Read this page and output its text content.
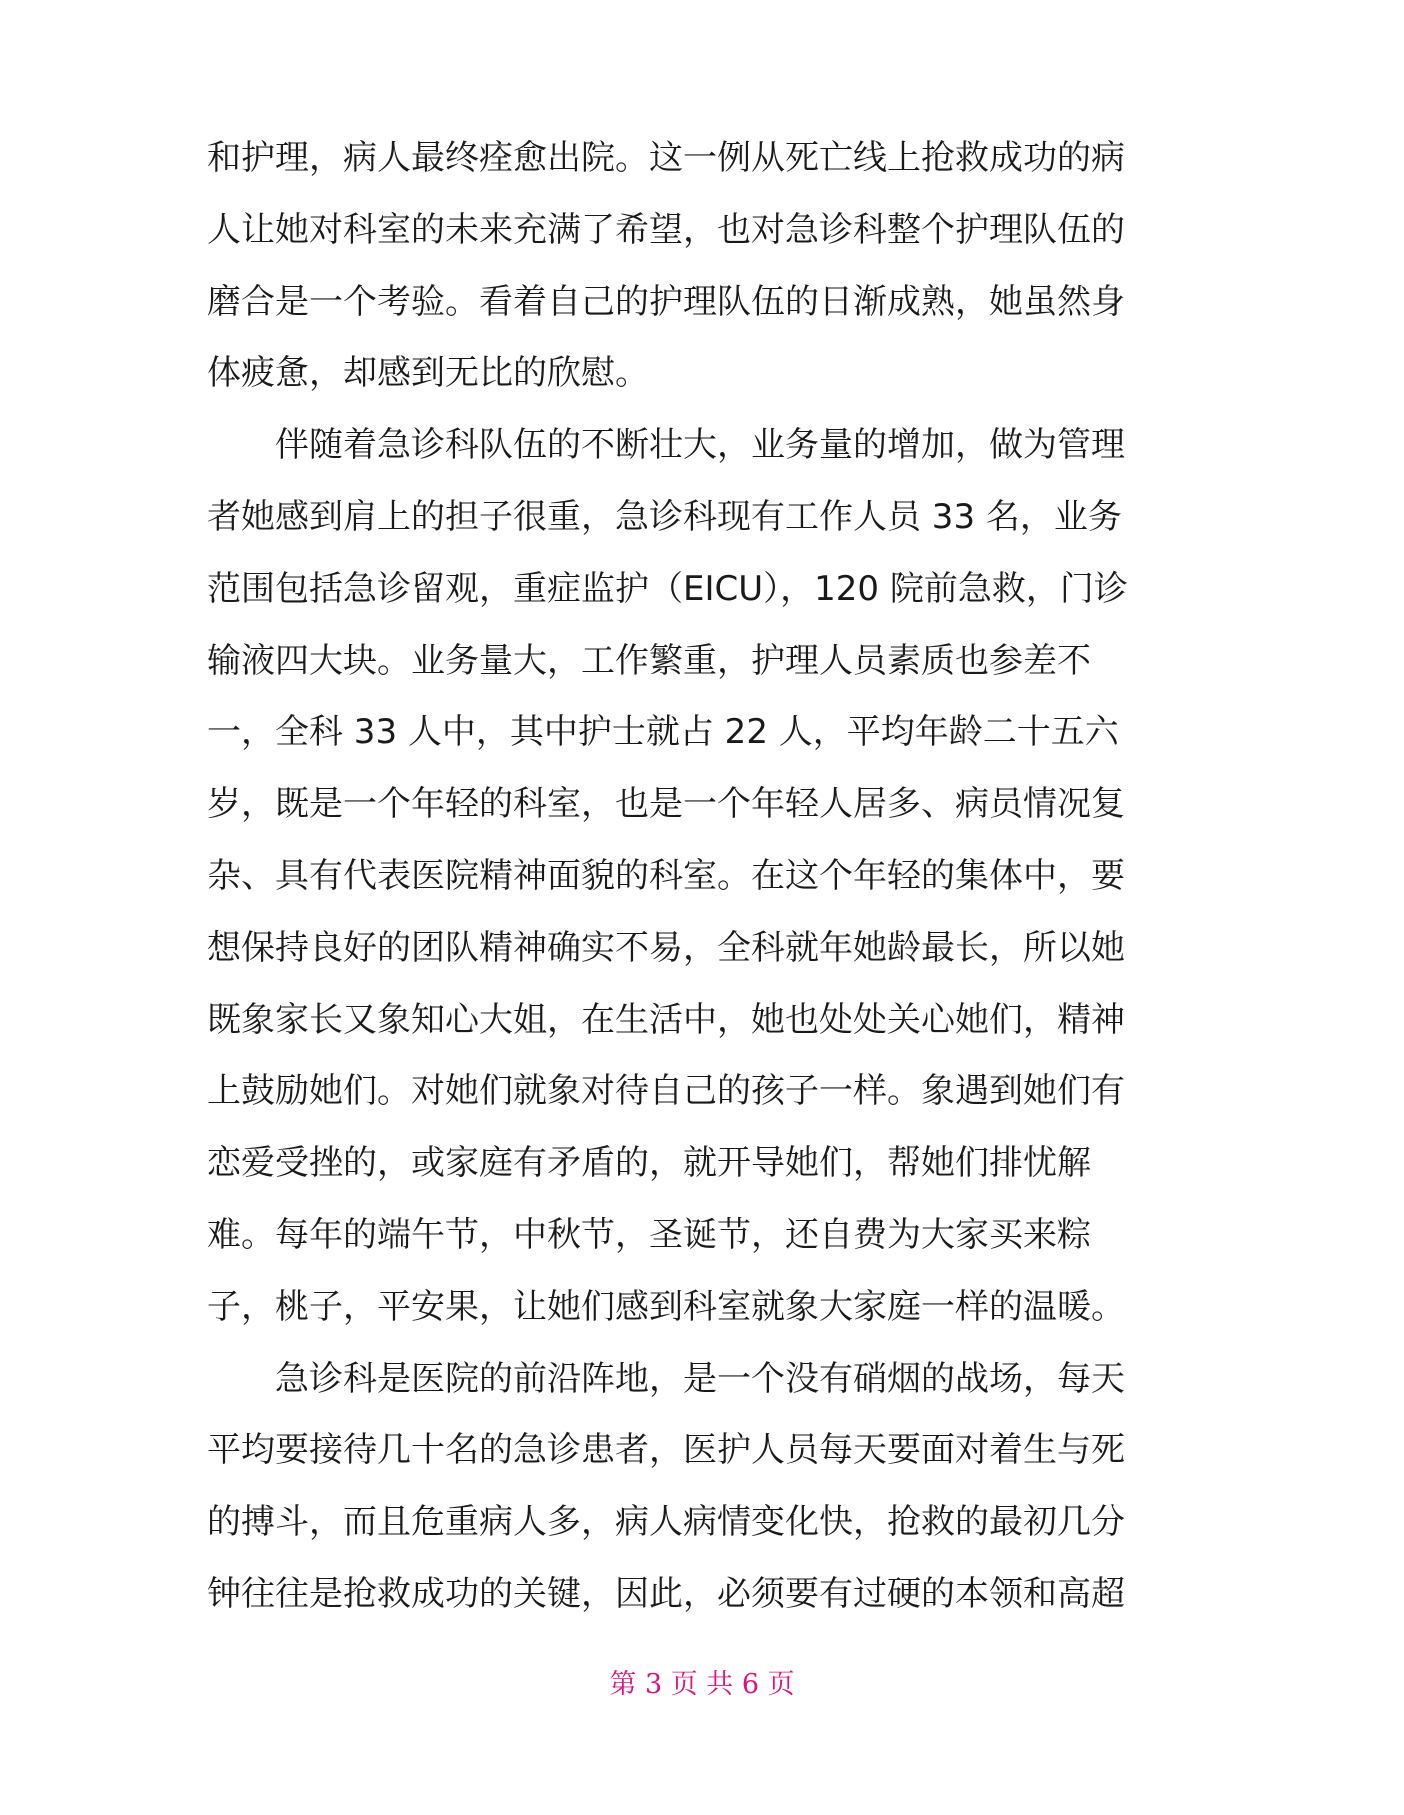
和护理，病人最终痊愈出院。这一例从死亡线上抢救成功的病
人让她对科室的未来充满了希望，也对急诊科整个护理队伍的
磨合是一个考验。看着自己的护理队伍的日渐成熟，她虽然身
体疲惫，却感到无比的欣慰。
　　伴随着急诊科队伍的不断壮大，业务量的增加，做为管理
者她感到肩上的担子很重，急诊科现有工作人员 33 名，业务
范围包括急诊留观，重症监护（EICU），120 院前急救，门诊
输液四大块。业务量大，工作繁重，护理人员素质也参差不
一，全科 33 人中，其中护士就占 22 人，平均年龄二十五六
岁，既是一个年轻的科室，也是一个年轻人居多、病员情况复
杂、具有代表医院精神面貌的科室。在这个年轻的集体中，要
想保持良好的团队精神确实不易，全科就年她龄最长，所以她
既象家长又象知心大姐，在生活中，她也处处关心她们，精神
上鼓励她们。对她们就象对待自己的孩子一样。象遇到她们有
恋爱受挫的，或家庭有矛盾的，就开导她们，帮她们排忧解
难。每年的端午节，中秋节，圣诞节，还自费为大家买来粽
子，桃子，平安果，让她们感到科室就象大家庭一样的温暖。
　　急诊科是医院的前沿阵地，是一个没有硝烟的战场，每天
平均要接待几十名的急诊患者，医护人员每天要面对着生与死
的搏斗，而且危重病人多，病人病情变化快，抢救的最初几分
钟往往是抢救成功的关键，因此，必须要有过硬的本领和高超
第 3 页 共 6 页
